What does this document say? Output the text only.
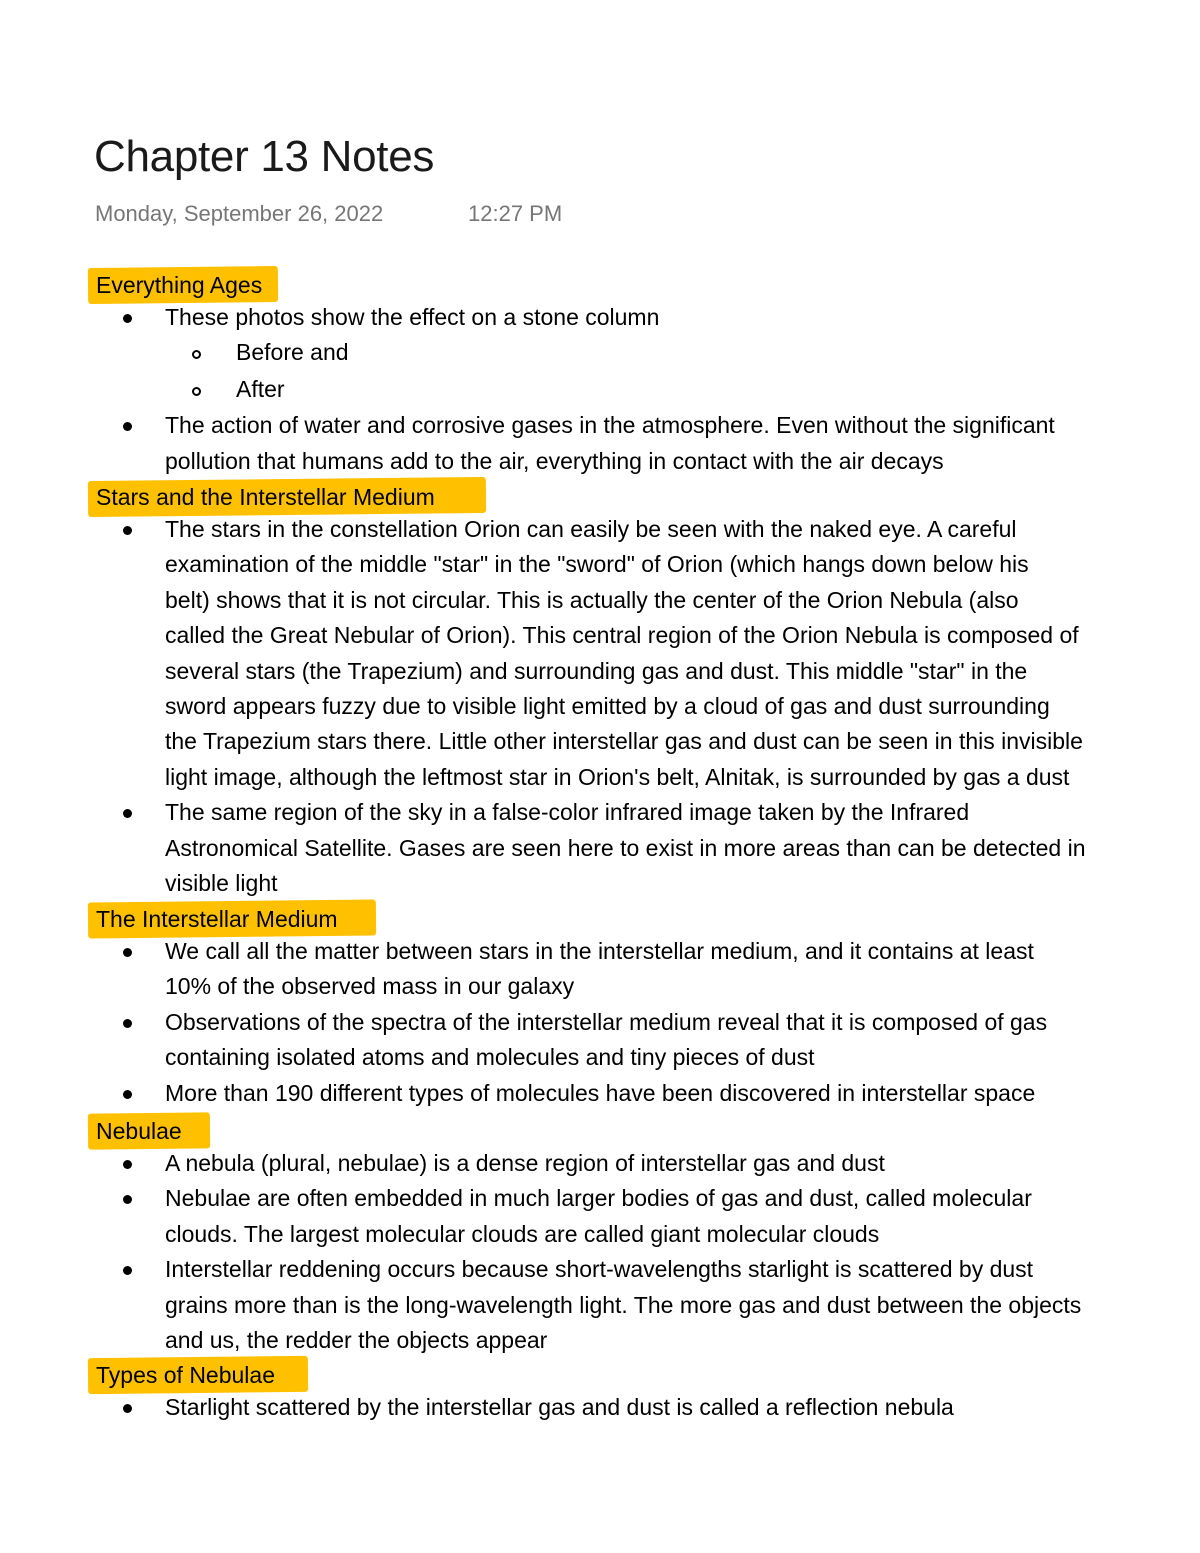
Chapter 13 Notes
Monday, September 26, 2022	12:27 PM
Everything Ages
These photos show the effect on a stone column
Before and
After
The action of water and corrosive gases in the atmosphere. Even without the significant
pollution that humans add to the air, everything in contact with the air decays
Stars and the Interstellar Medium
The stars in the constellation Orion can easily be seen with the naked eye. A careful
examination of the middle "star" in the "sword" of Orion (which hangs down below his
belt) shows that it is not circular. This is actually the center of the Orion Nebula (also
called the Great Nebular of Orion). This central region of the Orion Nebula is composed of
several stars (the Trapezium) and surrounding gas and dust. This middle "star" in the
sword appears fuzzy due to visible light emitted by a cloud of gas and dust surrounding
the Trapezium stars there. Little other interstellar gas and dust can be seen in this invisible
light image, although the leftmost star in Orion's belt, Alnitak, is surrounded by gas a dust
The same region of the sky in a false-color infrared image taken by the Infrared
Astronomical Satellite. Gases are seen here to exist in more areas than can be detected in
visible light
The Interstellar Medium
We call all the matter between stars in the interstellar medium, and it contains at least
10% of the observed mass in our galaxy
Observations of the spectra of the interstellar medium reveal that it is composed of gas
containing isolated atoms and molecules and tiny pieces of dust
More than 190 different types of molecules have been discovered in interstellar space
Nebulae
A nebula (plural, nebulae) is a dense region of interstellar gas and dust
Nebulae are often embedded in much larger bodies of gas and dust, called molecular
clouds. The largest molecular clouds are called giant molecular clouds
Interstellar reddening occurs because short-wavelengths starlight is scattered by dust
grains more than is the long-wavelength light. The more gas and dust between the objects
and us, the redder the objects appear
Types of Nebulae
Starlight scattered by the interstellar gas and dust is called a reflection nebula
